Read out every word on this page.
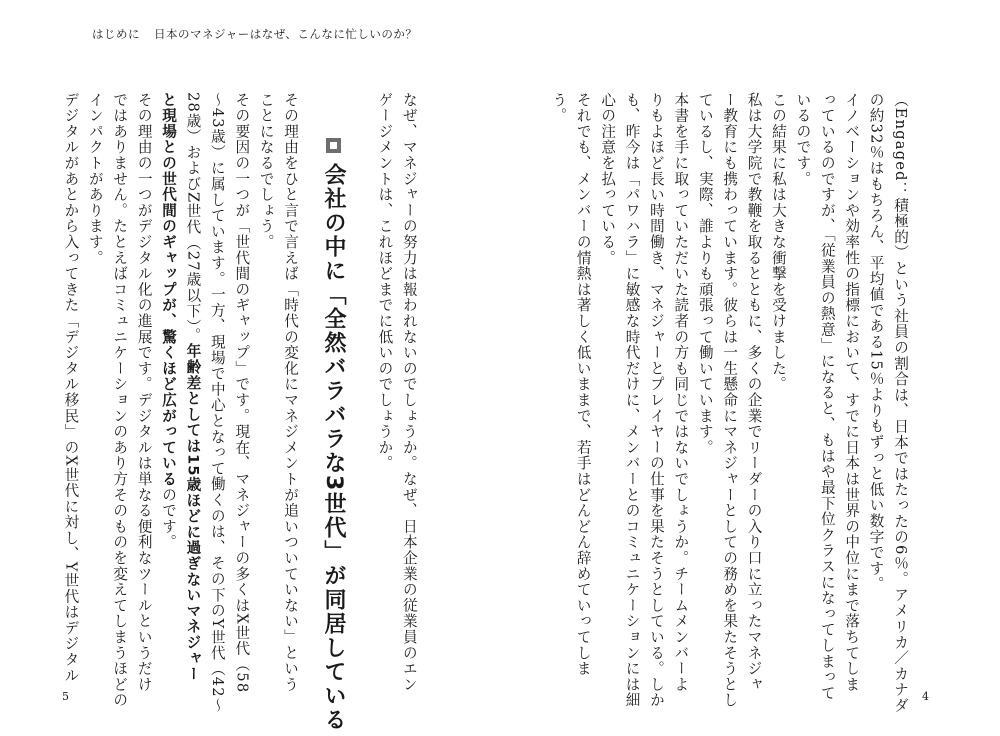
はじめに 日本のマネジャーはなぜ、こんなに忙しいのか？
（Engaged：積極的）という社員の割合は、日本ではたったの6％。アメリカ／カナダ
の約32％はもちろん、平均値である15％よりもずっと低い数字です。
イノベーションや効率性の指標において、すでに日本は世界の中位にまで落ちてしま
っているのですが、「従業員の熱意」になると、もはや最下位クラスになってしまって
いるのです。
この結果に私は大きな衝撃を受けました。
私は大学院で教鞭を取るとともに、多くの企業でリーダーの入り口に立ったマネジャ
ー教育にも携わっています。彼らは一生懸命にマネジャーとしての務めを果たそうとし
ているし、実際、誰よりも頑張って働いています。
本書を手に取っていただいた読者の方も同じではないでしょうか。チームメンバーよ
りもよほど長い時間働き、マネジャーとプレイヤーの仕事を果たそうとしている。しか
も、昨今は「パワハラ」に敏感な時代だけに、メンバーとのコミュニケーションには細
心の注意を払っている。
それでも、メンバーの情熱は著しく低いままで、若手はどんどん辞めていってしま
う。
なぜ、マネジャーの努力は報われないのでしょうか。なぜ、日本企業の従業員のエン
ゲージメントは、これほどまでに低いのでしょうか。
会社の中に「全然バラバラな3世代」が同居している
その理由をひと言で言えば「時代の変化にマネジメントが追いついていない」という
ことになるでしょう。
その要因の一つが「世代間のギャップ」です。現在、マネジャーの多くはX世代（58
～43歳）に属しています。一方、現場で中心となって働くのは、その下のY世代（42～
28歳）およびZ世代（27歳以下）。年齢差としては15歳ほどに過ぎないマネジャー
と現場との世代間のギャップが、驚くほど広がっているのです。
その理由の一つがデジタル化の進展です。デジタルは単なる便利なツールというだけ
ではありません。たとえばコミュニケーションのあり方そのものを変えてしまうほどの
インパクトがあります。
デジタルがあとから入ってきた「デジタル移民」のX世代に対し、Y世代はデジタル
5	4
